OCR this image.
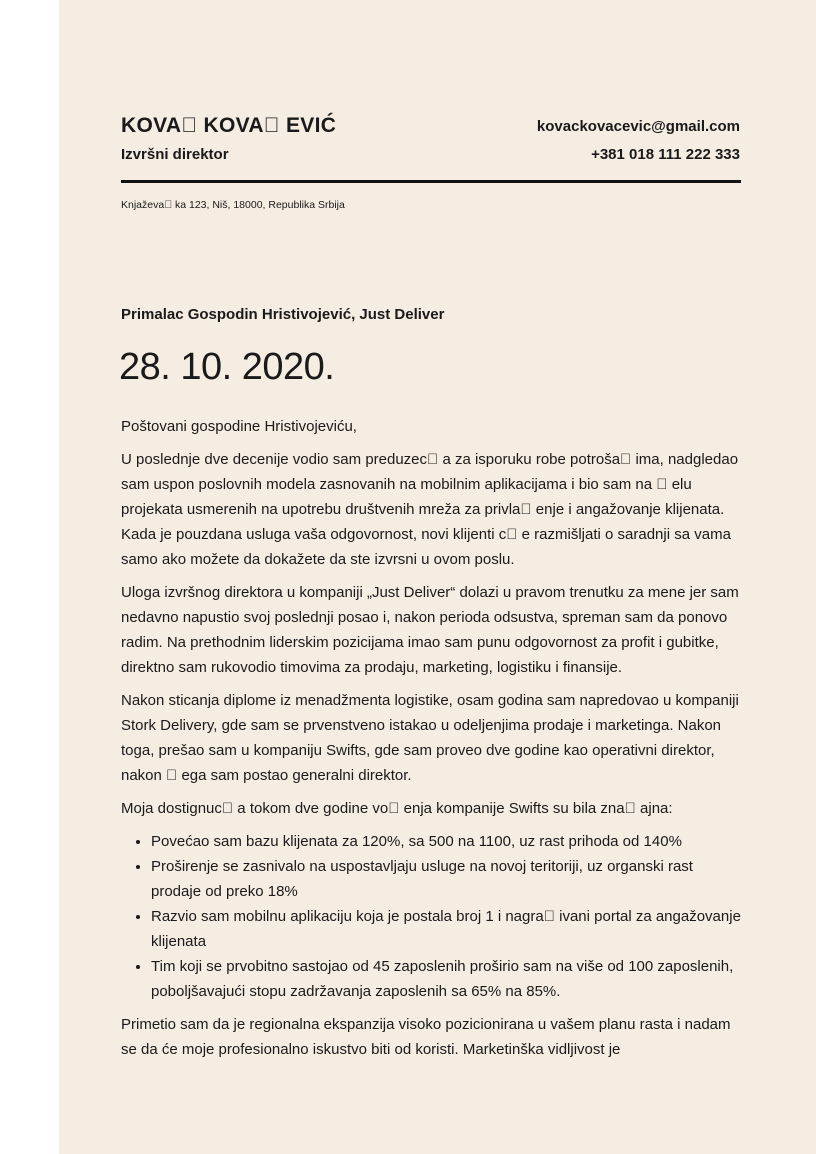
KOVA  KOVA  EVIĆ
Izvršni direktor
kovackovacevic@gmail.com
+381 018 111 222 333
Knjaževa  ka 123, Niš, 18000, Republika Srbija
Primalac Gospodin Hristivojević, Just Deliver
28. 10. 2020.

Poštovani gospodine Hristivojeviću,

U poslednje dve decenije vodio sam preduzec  a za isporuku robe potroša  ima, nadgledao sam uspon poslovnih modela zasnovanih na mobilnim aplikacijama i bio sam na   elu projekata usmerenih na upotrebu društvenih mreža za privla  enje i angažovanje klijenata. Kada je pouzdana usluga vaša odgovornost, novi klijenti c  e razmišljati o saradnji sa vama samo ako možete da dokažete da ste izvrsni u ovom poslu.

Uloga izvršnog direktora u kompaniji „Just Deliver“ dolazi u pravom trenutku za mene jer sam nedavno napustio svoj poslednji posao i, nakon perioda odsustva, spreman sam da ponovo radim. Na prethodnim liderskim pozicijama imao sam punu odgovornost za profit i gubitke, direktno sam rukovodio timovima za prodaju, marketing, logistiku i finansije.

Nakon sticanja diplome iz menadžmenta logistike, osam godina sam napredovao u kompaniji Stork Delivery, gde sam se prvenstveno istakao u odeljenjima prodaje i marketinga. Nakon toga, prešao sam u kompaniju Swifts, gde sam proveo dve godine kao operativni direktor, nakon   ega sam postao generalni direktor.

Moja dostignuc  a tokom dve godine vo  enja kompanije Swifts su bila zna  ajna:

• Povećao sam bazu klijenata za 120%, sa 500 na 1100, uz rast prihoda od 140%
• Proširenje se zasnivalo na uspostavljaju usluge na novoj teritoriji, uz organski rast prodaje od preko 18%
• Razvio sam mobilnu aplikaciju koja je postala broj 1 i nagra  ivani portal za angažovanje klijenata
• Tim koji se prvobitno sastojao od 45 zaposlenih proširio sam na više od 100 zaposlenih, poboljšavajući stopu zadržavanja zaposlenih sa 65% na 85%.

Primetio sam da je regionalna ekspanzija visoko pozicionirana u vašem planu rasta i nadam se da će moje profesionalno iskustvo biti od koristi. Marketinška vidljivost je
